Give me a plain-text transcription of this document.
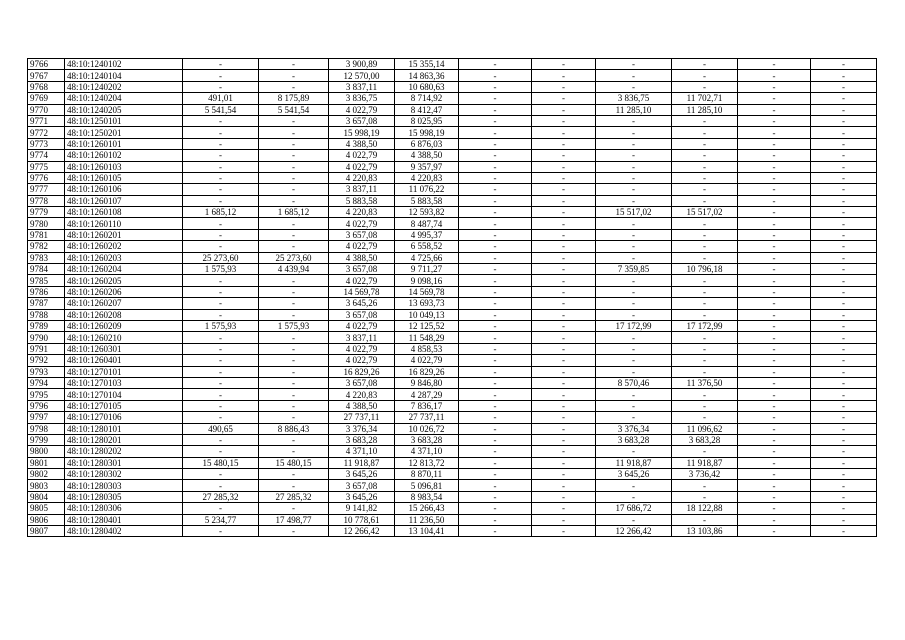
9766	48:10:1240102	-	-	3 900,89	15 355,14	-	-	-	-	-	-
9767	48:10:1240104	-	-	12 570,00	14 863,36	-	-	-	-	-	-
9768	48:10:1240202	-	-	3 837,11	10 680,63	-	-	-	-	-	-
9769	48:10:1240204	491,01	8 175,89	3 836,75	8 714,92	-	-	3 836,75	11 702,71	-	-
9770	48:10:1240205	5 541,54	5 541,54	4 022,79	8 412,47	-	-	11 285,10	11 285,10	-	-
9771	48:10:1250101	-	-	3 657,08	8 025,95	-	-	-	-	-	-
9772	48:10:1250201	-	-	15 998,19	15 998,19	-	-	-	-	-	-
9773	48:10:1260101	-	-	4 388,50	6 876,03	-	-	-	-	-	-
9774	48:10:1260102	-	-	4 022,79	4 388,50	-	-	-	-	-	-
9775	48:10:1260103	-	-	4 022,79	9 357,97	-	-	-	-	-	-
9776	48:10:1260105	-	-	4 220,83	4 220,83	-	-	-	-	-	-
9777	48:10:1260106	-	-	3 837,11	11 076,22	-	-	-	-	-	-
9778	48:10:1260107	-	-	5 883,58	5 883,58	-	-	-	-	-	-
9779	48:10:1260108	1 685,12	1 685,12	4 220,83	12 593,82	-	-	15 517,02	15 517,02	-	-
9780	48:10:1260110	-	-	4 022,79	8 487,74	-	-	-	-	-	-
9781	48:10:1260201	-	-	3 657,08	4 995,37	-	-	-	-	-	-
9782	48:10:1260202	-	-	4 022,79	6 558,52	-	-	-	-	-	-
9783	48:10:1260203	25 273,60	25 273,60	4 388,50	4 725,66	-	-	-	-	-	-
9784	48:10:1260204	1 575,93	4 439,94	3 657,08	9 711,27	-	-	7 359,85	10 796,18	-	-
9785	48:10:1260205	-	-	4 022,79	9 098,16	-	-	-	-	-	-
9786	48:10:1260206	-	-	14 569,78	14 569,78	-	-	-	-	-	-
9787	48:10:1260207	-	-	3 645,26	13 693,73	-	-	-	-	-	-
9788	48:10:1260208	-	-	3 657,08	10 049,13	-	-	-	-	-	-
9789	48:10:1260209	1 575,93	1 575,93	4 022,79	12 125,52	-	-	17 172,99	17 172,99	-	-
9790	48:10:1260210	-	-	3 837,11	11 548,29	-	-	-	-	-	-
9791	48:10:1260301	-	-	4 022,79	4 858,53	-	-	-	-	-	-
9792	48:10:1260401	-	-	4 022,79	4 022,79	-	-	-	-	-	-
9793	48:10:1270101	-	-	16 829,26	16 829,26	-	-	-	-	-	-
9794	48:10:1270103	-	-	3 657,08	9 846,80	-	-	8 570,46	11 376,50	-	-
9795	48:10:1270104	-	-	4 220,83	4 287,29	-	-	-	-	-	-
9796	48:10:1270105	-	-	4 388,50	7 836,17	-	-	-	-	-	-
9797	48:10:1270106	-	-	27 737,11	27 737,11	-	-	-	-	-	-
9798	48:10:1280101	490,65	8 886,43	3 376,34	10 026,72	-	-	3 376,34	11 096,62	-	-
9799	48:10:1280201	-	-	3 683,28	3 683,28	-	-	3 683,28	3 683,28	-	-
9800	48:10:1280202	-	-	4 371,10	4 371,10	-	-	-	-	-	-
9801	48:10:1280301	15 480,15	15 480,15	11 918,87	12 813,72	-	-	11 918,87	11 918,87	-	-
9802	48:10:1280302	-	-	3 645,26	8 870,11	-	-	3 645,26	3 736,42	-	-
9803	48:10:1280303	-	-	3 657,08	5 096,81	-	-	-	-	-	-
9804	48:10:1280305	27 285,32	27 285,32	3 645,26	8 983,54	-	-	-	-	-	-
9805	48:10:1280306	-	-	9 141,82	15 266,43	-	-	17 686,72	18 122,88	-	-
9806	48:10:1280401	5 234,77	17 498,77	10 778,61	11 236,50	-	-	-	-	-	-
9807	48:10:1280402	-	-	12 266,42	13 104,41	-	-	12 266,42	13 103,86	-	-
